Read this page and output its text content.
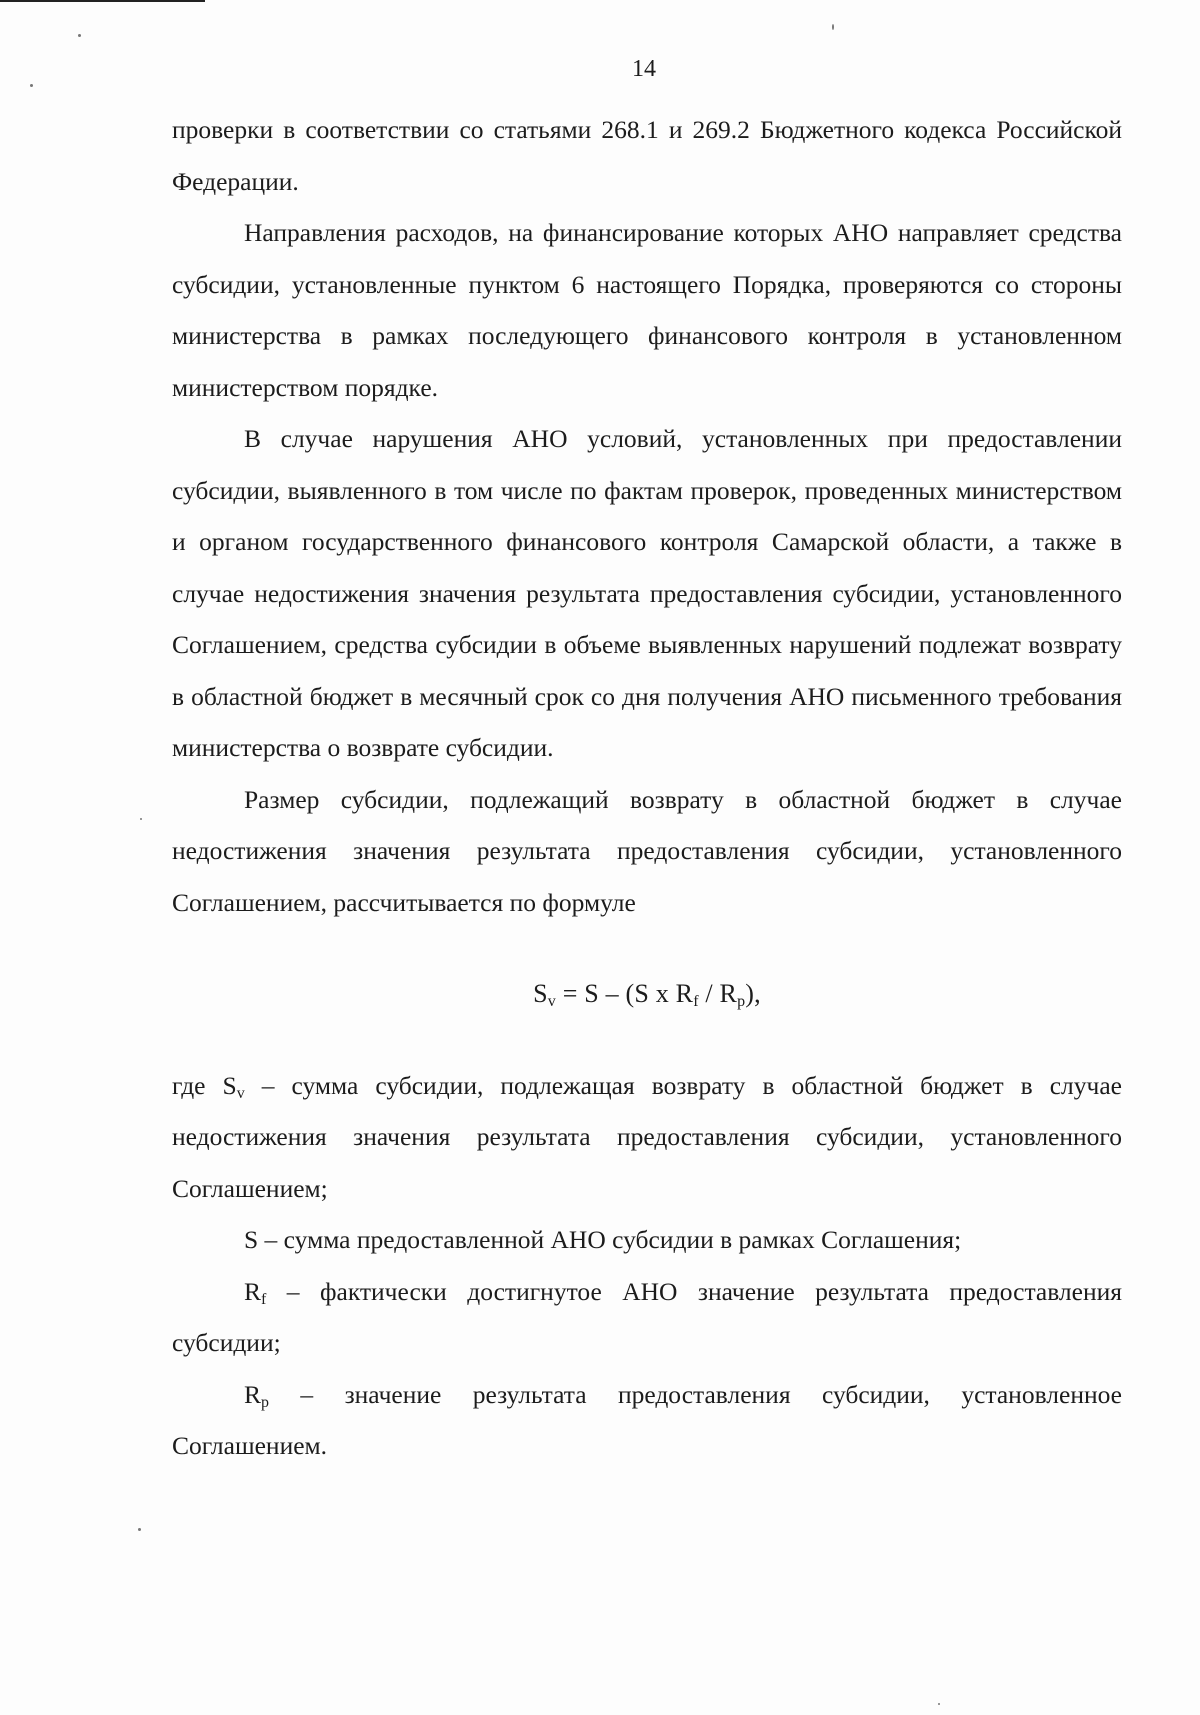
14

проверки в соответствии со статьями 268.1 и 269.2 Бюджетного кодекса Российской Федерации.

Направления расходов, на финансирование которых АНО направляет средства субсидии, установленные пунктом 6 настоящего Порядка, проверяются со стороны министерства в рамках последующего финансового контроля в установленном министерством порядке.

В случае нарушения АНО условий, установленных при предоставлении субсидии, выявленного в том числе по фактам проверок, проведенных министерством и органом государственного финансового контроля Самарской области, а также в случае недостижения значения результата предоставления субсидии, установленного Соглашением, средства субсидии в объеме выявленных нарушений подлежат возврату в областной бюджет в месячный срок со дня получения АНО письменного требования министерства о возврате субсидии.

Размер субсидии, подлежащий возврату в областной бюджет в случае недостижения значения результата предоставления субсидии, установленного Соглашением, рассчитывается по формуле

$S_v = S - (S$ x $R_f / R_p$),

где $S_v$ – сумма субсидии, подлежащая возврату в областной бюджет в случае недостижения значения результата предоставления субсидии, установленного Соглашением;

S – сумма предоставленной АНО субсидии в рамках Соглашения;

$R_f$ – фактически достигнутое АНО значение результата предоставления субсидии;

$R_p$ – значение результата предоставления субсидии, установленное Соглашением.
